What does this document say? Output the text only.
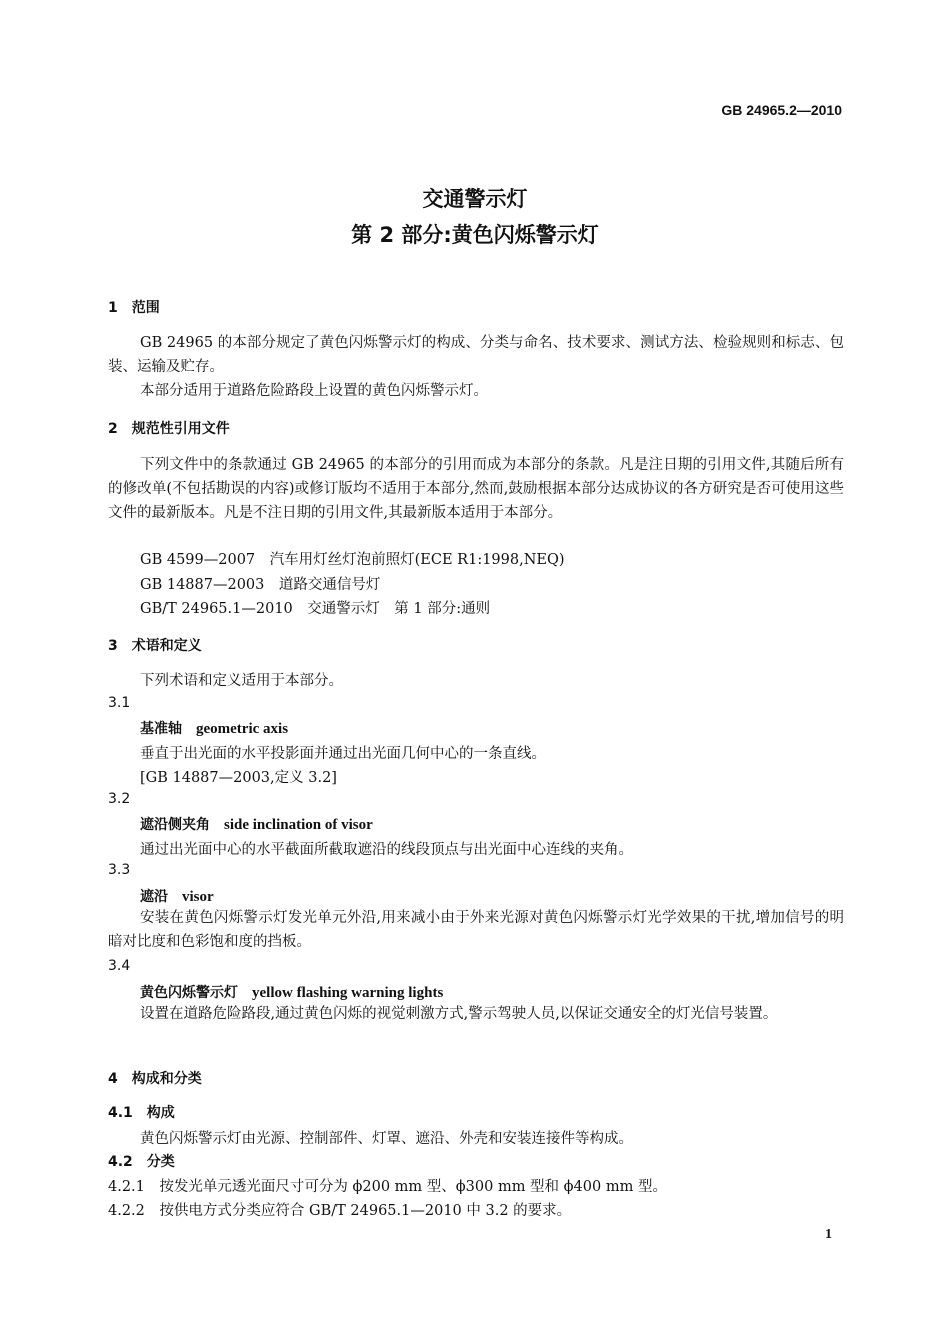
GB 24965.2—2010
交通警示灯
第 2 部分:黄色闪烁警示灯
1　范围
GB 24965 的本部分规定了黄色闪烁警示灯的构成、分类与命名、技术要求、测试方法、检验规则和标志、包装、运输及贮存。
本部分适用于道路危险路段上设置的黄色闪烁警示灯。
2　规范性引用文件
下列文件中的条款通过 GB 24965 的本部分的引用而成为本部分的条款。凡是注日期的引用文件,其随后所有的修改单(不包括勘误的内容)或修订版均不适用于本部分,然而,鼓励根据本部分达成协议的各方研究是否可使用这些文件的最新版本。凡是不注日期的引用文件,其最新版本适用于本部分。
GB 4599—2007　汽车用灯丝灯泡前照灯(ECE R1:1998,NEQ)
GB 14887—2003　道路交通信号灯
GB/T 24965.1—2010　交通警示灯　第 1 部分:通则
3　术语和定义
下列术语和定义适用于本部分。
3.1
基准轴 geometric axis
垂直于出光面的水平投影面并通过出光面几何中心的一条直线。
[GB 14887—2003,定义 3.2]
3.2
遮沿侧夹角 side inclination of visor
通过出光面中心的水平截面所截取遮沿的线段顶点与出光面中心连线的夹角。
3.3
遮沿 visor
安装在黄色闪烁警示灯发光单元外沿,用来减小由于外来光源对黄色闪烁警示灯光学效果的干扰,增加信号的明暗对比度和色彩饱和度的挡板。
3.4
黄色闪烁警示灯 yellow flashing warning lights
设置在道路危险路段,通过黄色闪烁的视觉刺激方式,警示驾驶人员,以保证交通安全的灯光信号装置。
4　构成和分类
4.1　构成
黄色闪烁警示灯由光源、控制部件、灯罩、遮沿、外壳和安装连接件等构成。
4.2　分类
4.2.1　按发光单元透光面尺寸可分为 ϕ200 mm 型、ϕ300 mm 型和 ϕ400 mm 型。
4.2.2　按供电方式分类应符合 GB/T 24965.1—2010 中 3.2 的要求。
1
